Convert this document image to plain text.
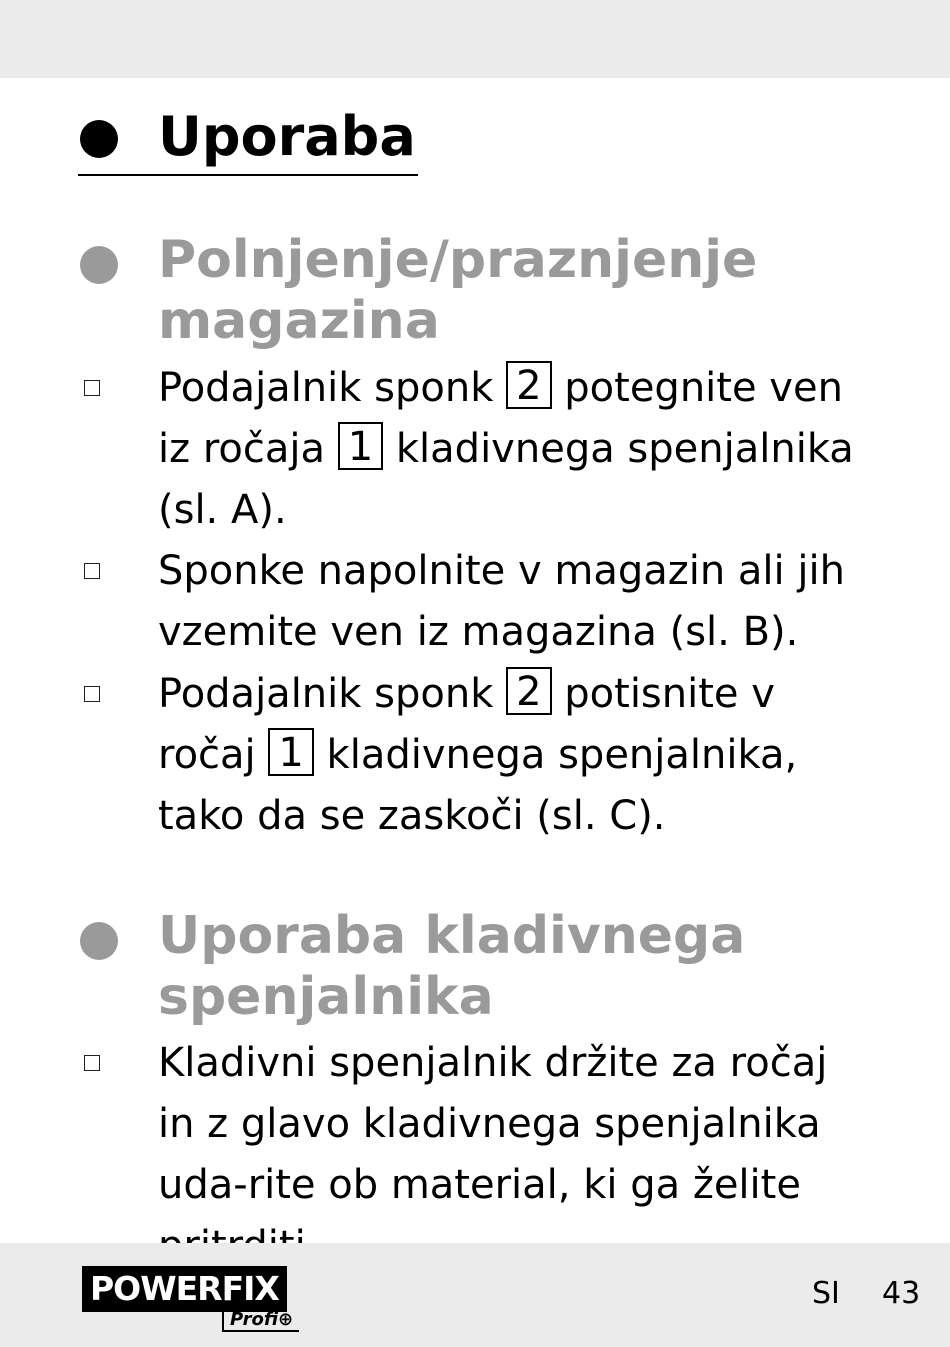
Uporaba
Polnjenje/praznjenje magazina
Podajalnik sponk 2 potegnite ven iz ročaja 1 kladivnega spenjalnika (sl. A).
Sponke napolnite v magazin ali jih vzemite ven iz magazina (sl. B).
Podajalnik sponk 2 potisnite v ročaj 1 kladivnega spenjalnika, tako da se zaskoči (sl. C).
Uporaba kladivnega spenjalnika
Kladivni spenjalnik držite za ročaj in z glavo kladivnega spenjalnika uda-rite ob material, ki ga želite
POWERFIX
Profi⊕
SI 43
